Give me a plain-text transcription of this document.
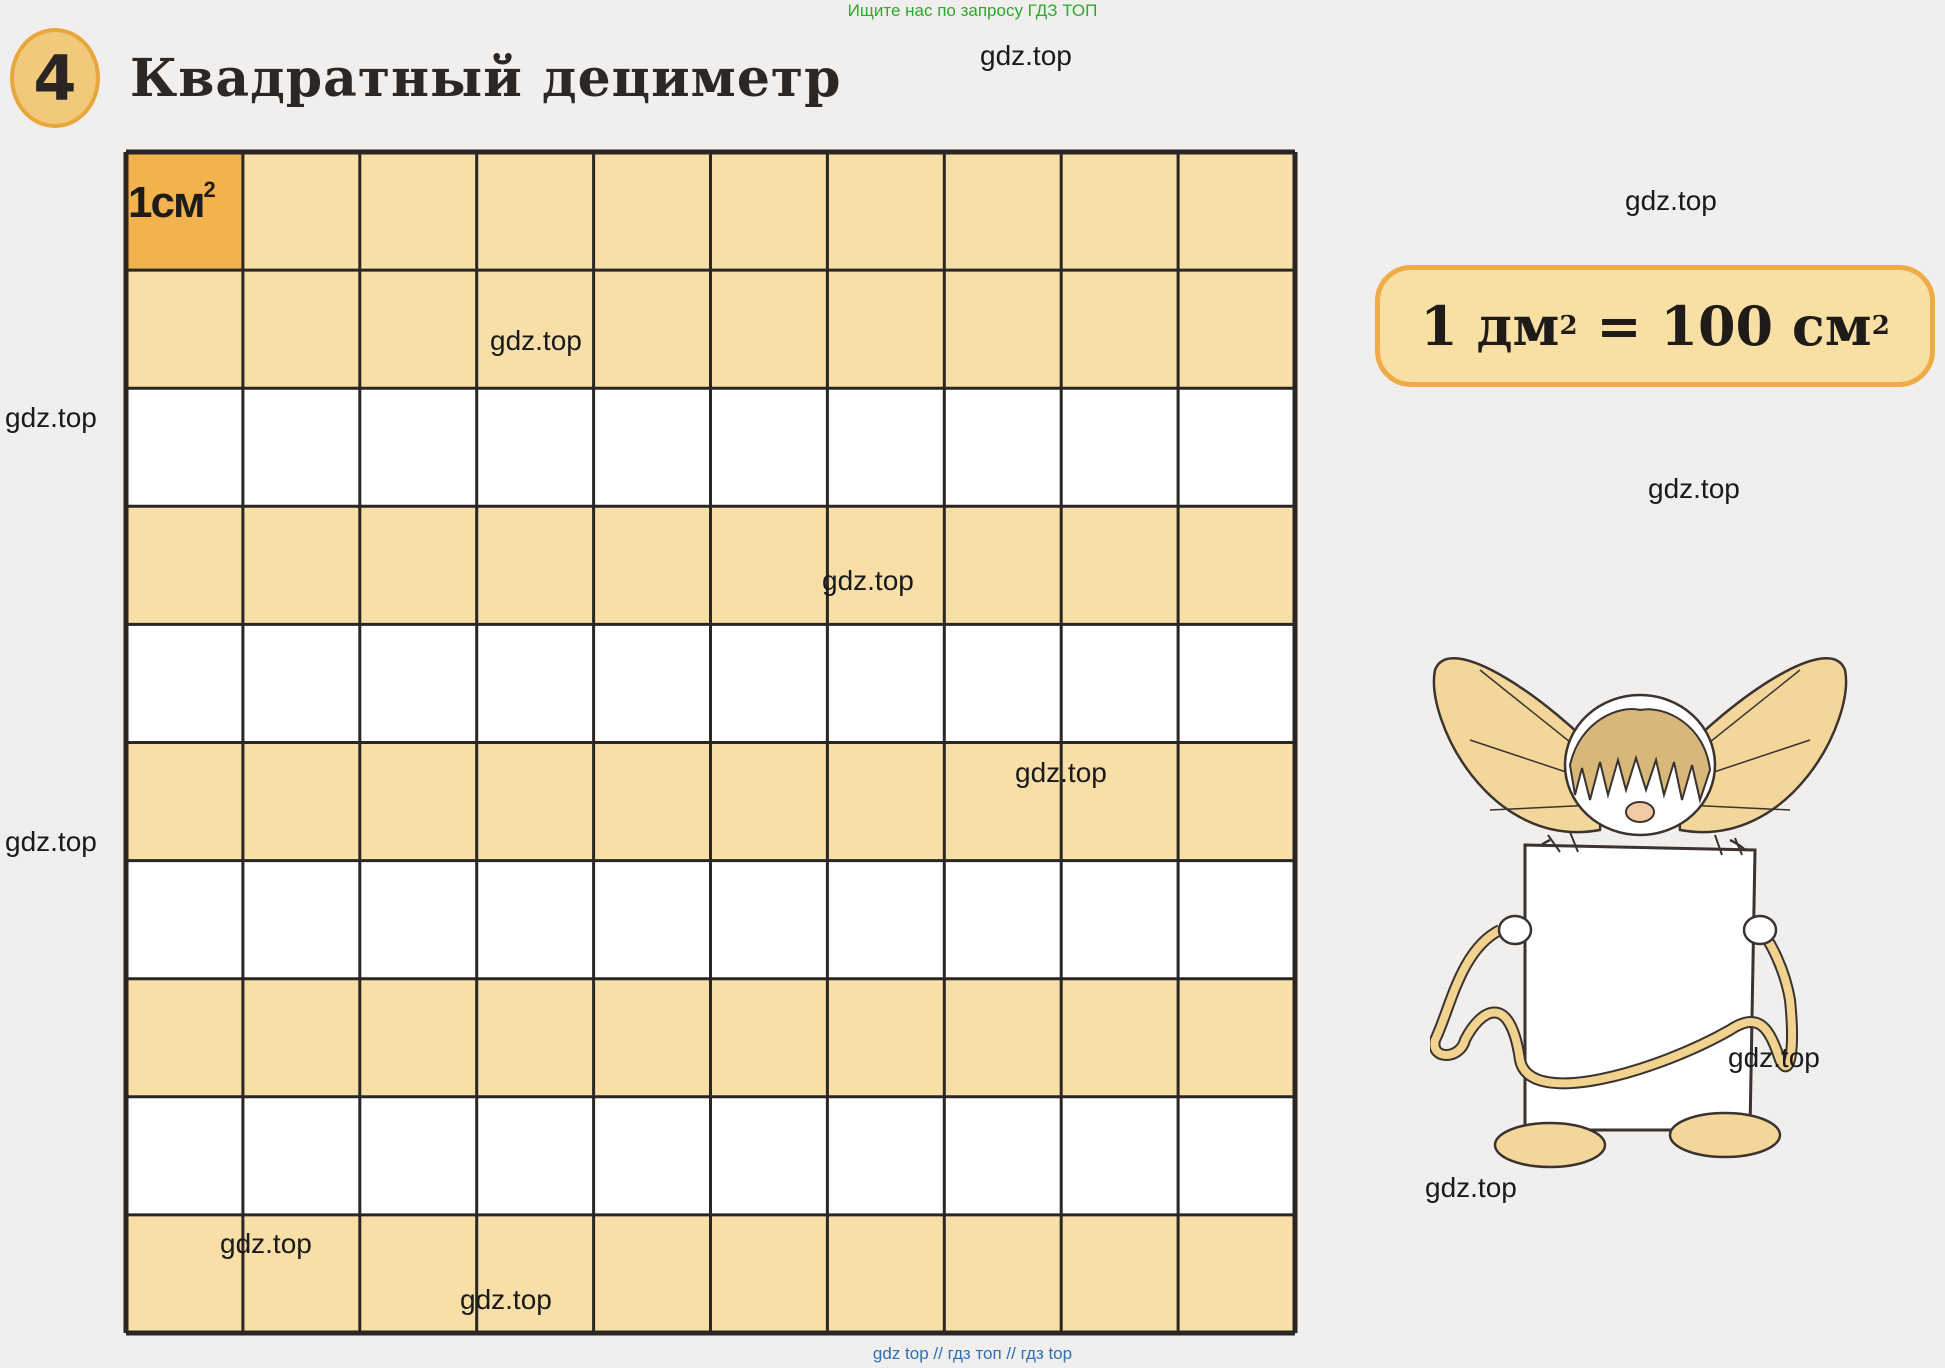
Ищите нас по запросу ГДЗ ТОП
4 Квадратный дециметр
$1см^2$
1 дм 2 = 100 см 2
gdz.top
gdz.top
gdz.top
gdz.top
gdz.top
gdz.top
gdz.top
gdz.top
gdz.top
gdz.top
gdz.top
gdz.top
gdz top // гдз топ // гдз top
